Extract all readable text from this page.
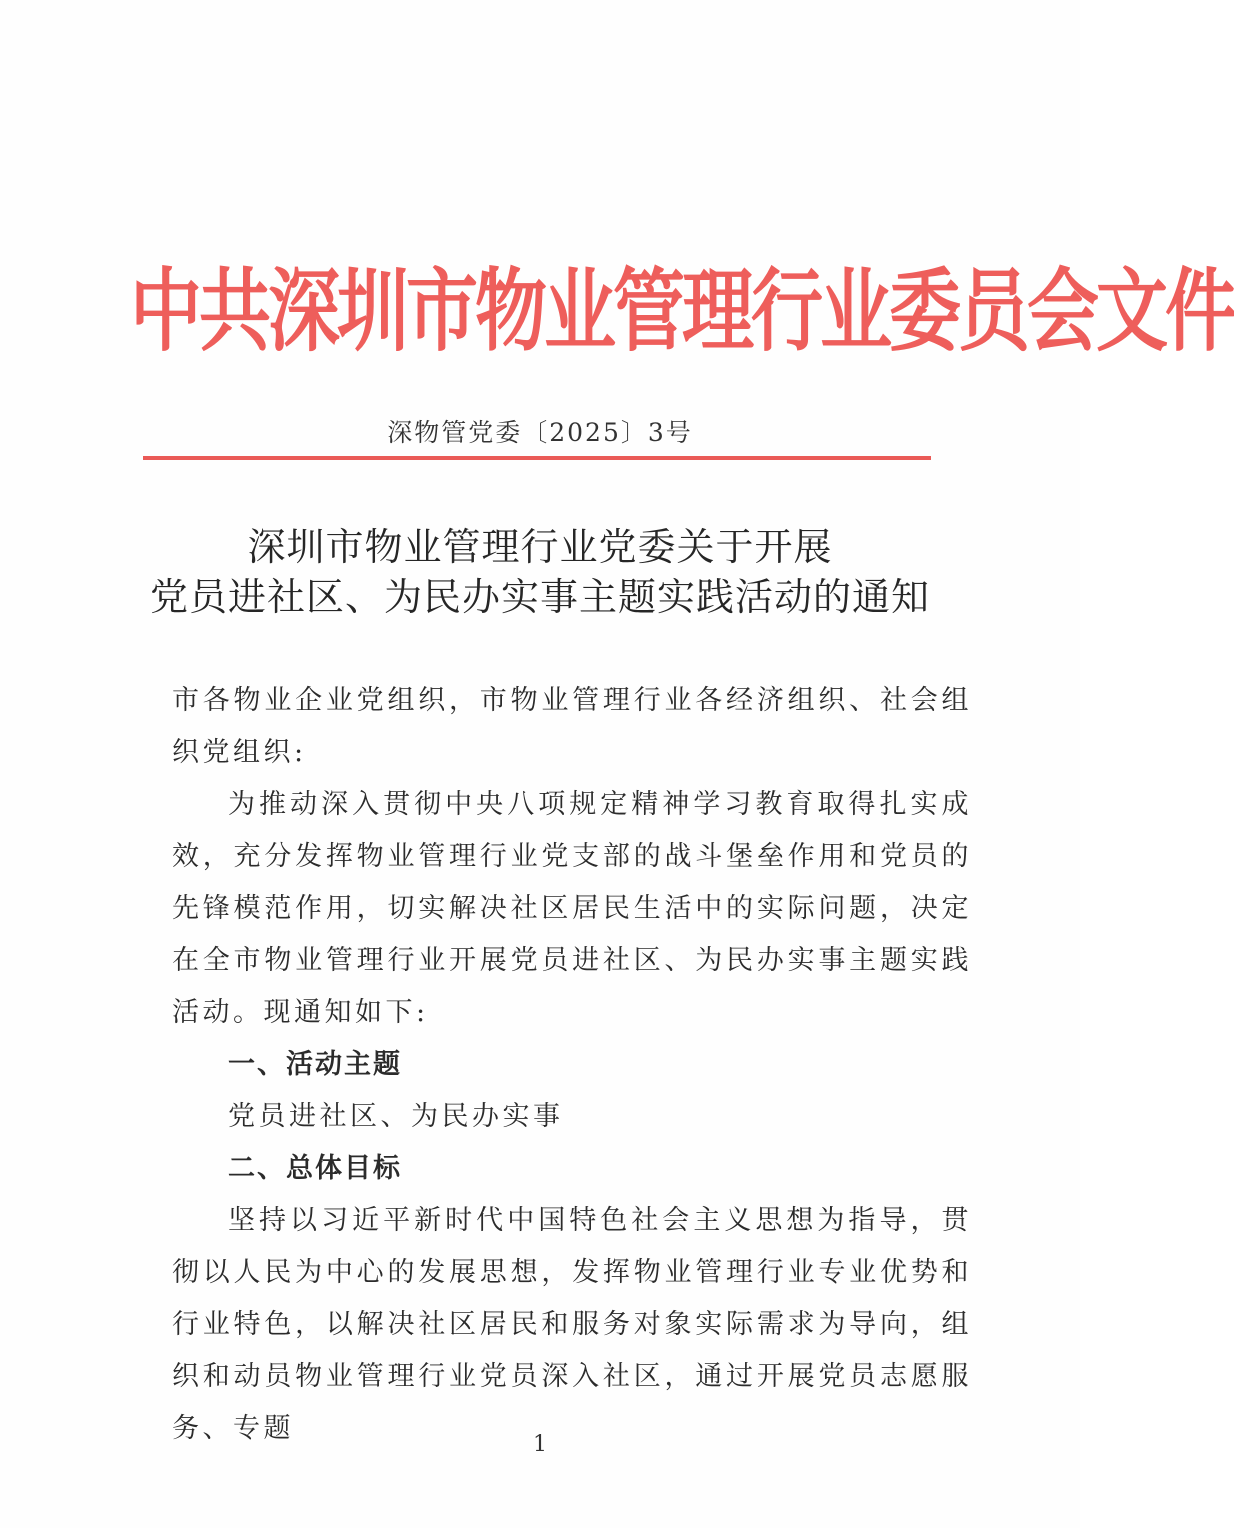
中共深圳市物业管理行业委员会文件
深物管党委〔2025〕3号
深圳市物业管理行业党委关于开展
党员进社区、为民办实事主题实践活动的通知

市各物业企业党组织，市物业管理行业各经济组织、社会组织党组织:

为推动深入贯彻中央八项规定精神学习教育取得扎实成效，充分发挥物业管理行业党支部的战斗堡垒作用和党员的先锋模范作用，切实解决社区居民生活中的实际问题，决定在全市物业管理行业开展党员进社区、为民办实事主题实践活动。现通知如下:

一、活动主题

党员进社区、为民办实事

二、总体目标

坚持以习近平新时代中国特色社会主义思想为指导，贯彻以人民为中心的发展思想，发挥物业管理行业专业优势和行业特色，以解决社区居民和服务对象实际需求为导向，组织和动员物业管理行业党员深入社区，通过开展党员志愿服务、专题

1
